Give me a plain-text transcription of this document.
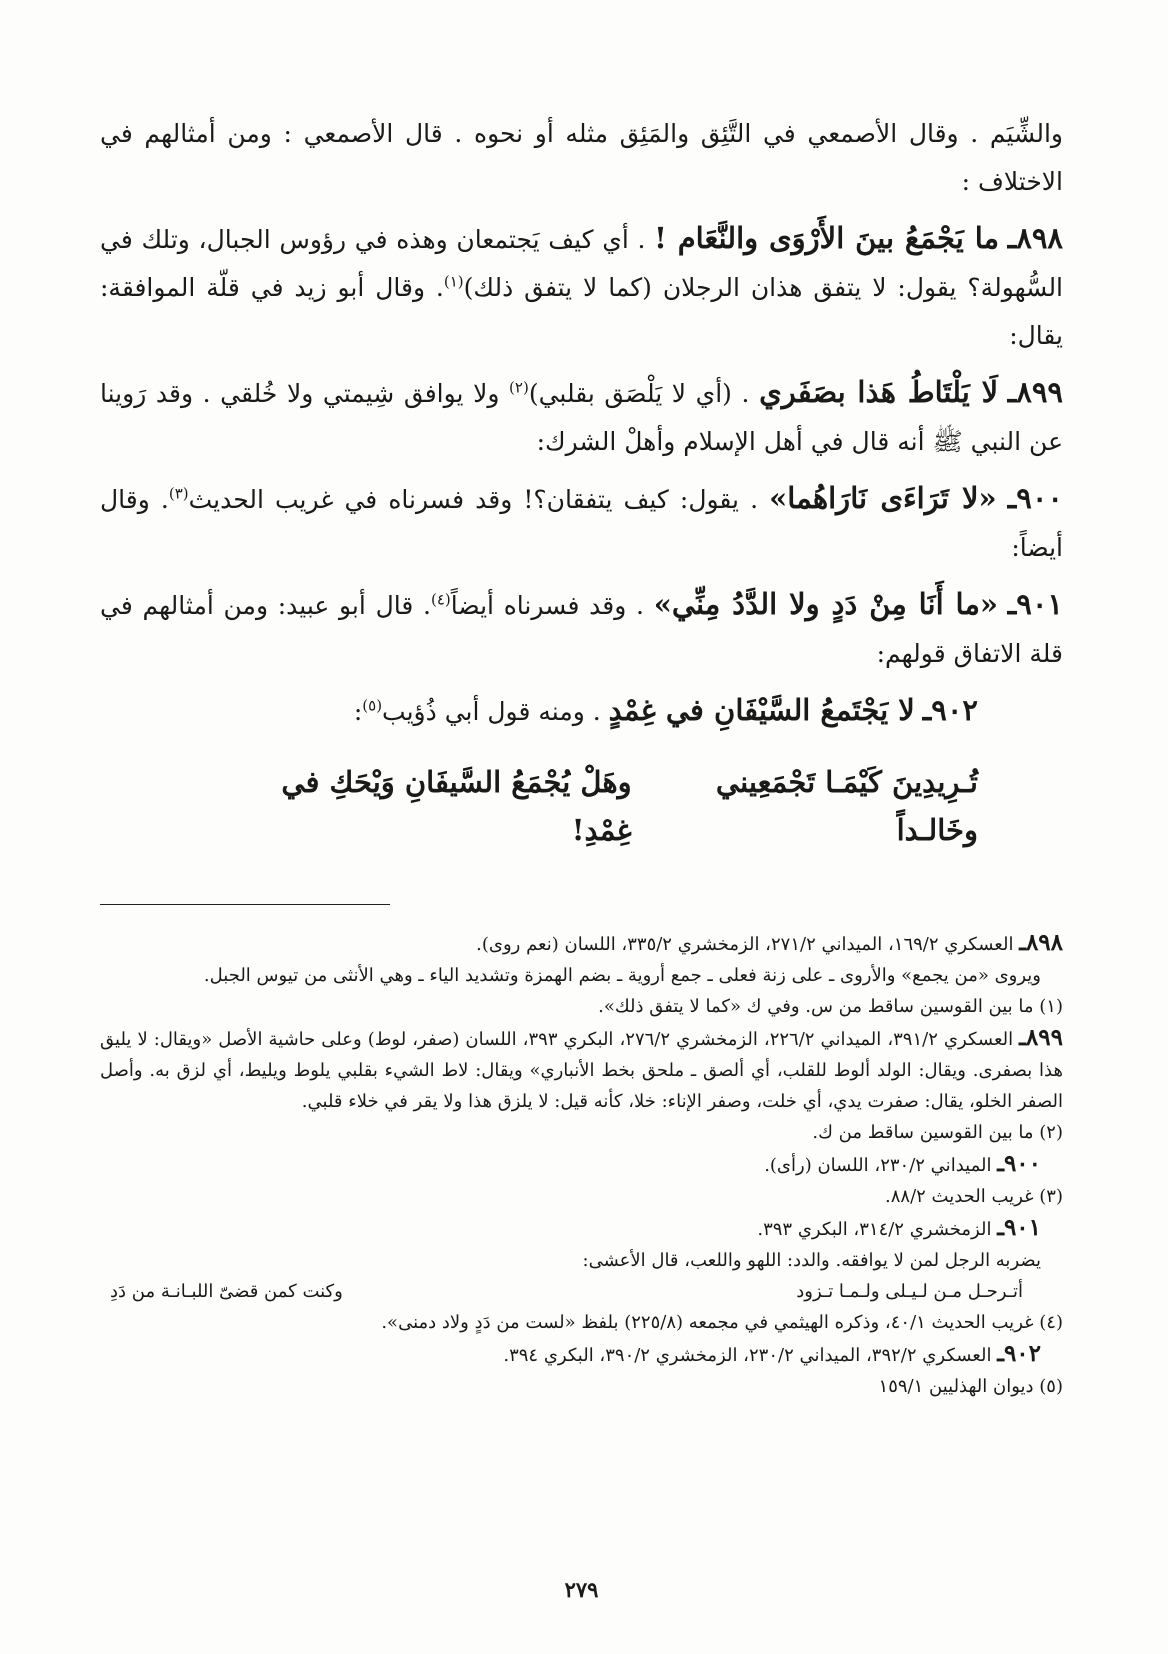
والشِّيَم . وقال الأصمعي في التَّئِق والمَئِق مثله أو نحوه . قال الأصمعي : ومن أمثالهم في الاختلاف :
٨٩٨ـ ما يَجْمَعُ بينَ الأَرْوَى والنَّعَام ! . أي كيف يَجتمعان وهذه في رؤوس الجبال، وتلك في السُّهولة؟ يقول: لا يتفق هذان الرجلان (كما لا يتفق ذلك)$^{(١)}$. وقال أبو زيد في قلّة الموافقة: يقال:
٨٩٩ـ لَا يَلْتَاطُ هَذا بصَفَري . (أي لا يَلْصَق بقلبي)$^{(٢)}$ ولا يوافق شِيمتي ولا خُلقي . وقد رَوينا عن النبي ﷺ أنه قال في أهل الإسلام وأهلْ الشرك:
٩٠٠ـ «لا تَرَاءَى نَارَاهُما» . يقول: كيف يتفقان؟! وقد فسرناه في غريب الحديث$^{(٣)}$. وقال أيضاً:
٩٠١ـ «ما أَنَا مِنْ دَدٍ ولا الدَّدُ مِنِّي» . وقد فسرناه أيضاً$^{(٤)}$. قال أبو عبيد: ومن أمثالهم في قلة الاتفاق قولهم:
٩٠٢ـ لا يَجْتَمعُ السَّيْفَانِ في غِمْدٍ . ومنه قول أبي ذُؤيب$^{(٥)}$:
تُـرِيدِينَ كَيْمَـا تَجْمَعِيني وخَالـداً
وهَلْ يُجْمَعُ السَّيفَانِ وَيْحَكِ في غِمْدِ!
٨٩٨ـ العسكري ١٦٩/٢، الميداني ٢٧١/٢، الزمخشري ٣٣٥/٢، اللسان (نعم روى).
ويروى «من يجمع» والأروى ـ على زنة فعلى ـ جمع أروية ـ بضم الهمزة وتشديد الياء ـ وهي الأنثى من تيوس الجبل.
(١) ما بين القوسين ساقط من س. وفي ك «كما لا يتفق ذلك».
٨٩٩ـ العسكري ٣٩١/٢، الميداني ٢٢٦/٢، الزمخشري ٢٧٦/٢، البكري ٣٩٣، اللسان (صفر، لوط) وعلى حاشية الأصل «ويقال: لا يليق هذا بصفرى. ويقال: الولد ألوط للقلب، أي ألصق ـ ملحق بخط الأنباري» ويقال: لاط الشيء بقلبي يلوط ويليط، أي لزق به. وأصل الصفر الخلو، يقال: صفرت يدي، أي خلت، وصفر الإناء: خلا، كأنه قيل: لا يلزق هذا ولا يقر في خلاء قلبي.
(٢) ما بين القوسين ساقط من ك.
٩٠٠ـ الميداني ٢٣٠/٢، اللسان (رأى).
(٣) غريب الحديث ٨٨/٢.
٩٠١ـ الزمخشري ٣١٤/٢، البكري ٣٩٣.
يضربه الرجل لمن لا يوافقه. والدد: اللهو واللعب، قال الأعشى:
أتـرحـل مـن لـيـلى ولـمـا تـزود
وكنت كمن قضىّ اللبـانـة من دَدِ
(٤) غريب الحديث ٤٠/١، وذكره الهيثمي في مجمعه (٢٢٥/٨) بلفظ «لست من دَدٍ ولاد دمنى».
٩٠٢ـ العسكري ٣٩٢/٢، الميداني ٢٣٠/٢، الزمخشري ٣٩٠/٢، البكري ٣٩٤.
(٥) ديوان الهذليين ١٥٩/١
٢٧٩
